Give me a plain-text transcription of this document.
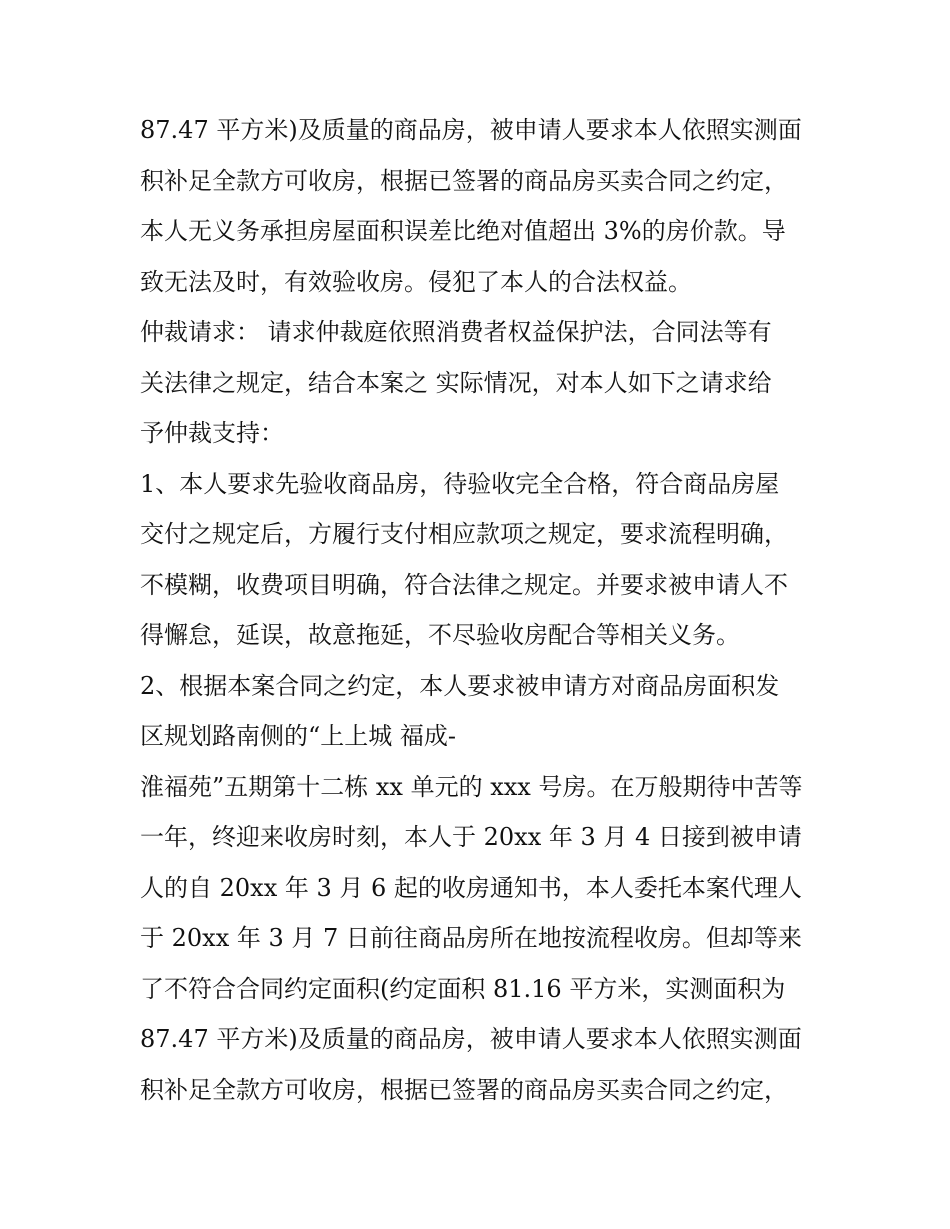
87.47 平方米)及质量的商品房，被申请人要求本人依照实测面
积补足全款方可收房，根据已签署的商品房买卖合同之约定，
本人无义务承担房屋面积误差比绝对值超出 3%的房价款。导
致无法及时，有效验收房。侵犯了本人的合法权益。
仲裁请求： 请求仲裁庭依照消费者权益保护法，合同法等有
关法律之规定，结合本案之 实际情况，对本人如下之请求给
予仲裁支持：
1、本人要求先验收商品房，待验收完全合格，符合商品房屋
交付之规定后，方履行支付相应款项之规定，要求流程明确，
不模糊，收费项目明确，符合法律之规定。并要求被申请人不
得懈怠，延误，故意拖延，不尽验收房配合等相关义务。
2、根据本案合同之约定，本人要求被申请方对商品房面积发
区规划路南侧的“上上城 福成-
淮福苑”五期第十二栋 xx 单元的 xxx 号房。在万般期待中苦等
一年，终迎来收房时刻，本人于 20xx 年 3 月 4 日接到被申请
人的自 20xx 年 3 月 6 起的收房通知书，本人委托本案代理人
于 20xx 年 3 月 7 日前往商品房所在地按流程收房。但却等来
了不符合合同约定面积(约定面积 81.16 平方米，实测面积为
87.47 平方米)及质量的商品房，被申请人要求本人依照实测面
积补足全款方可收房，根据已签署的商品房买卖合同之约定，
